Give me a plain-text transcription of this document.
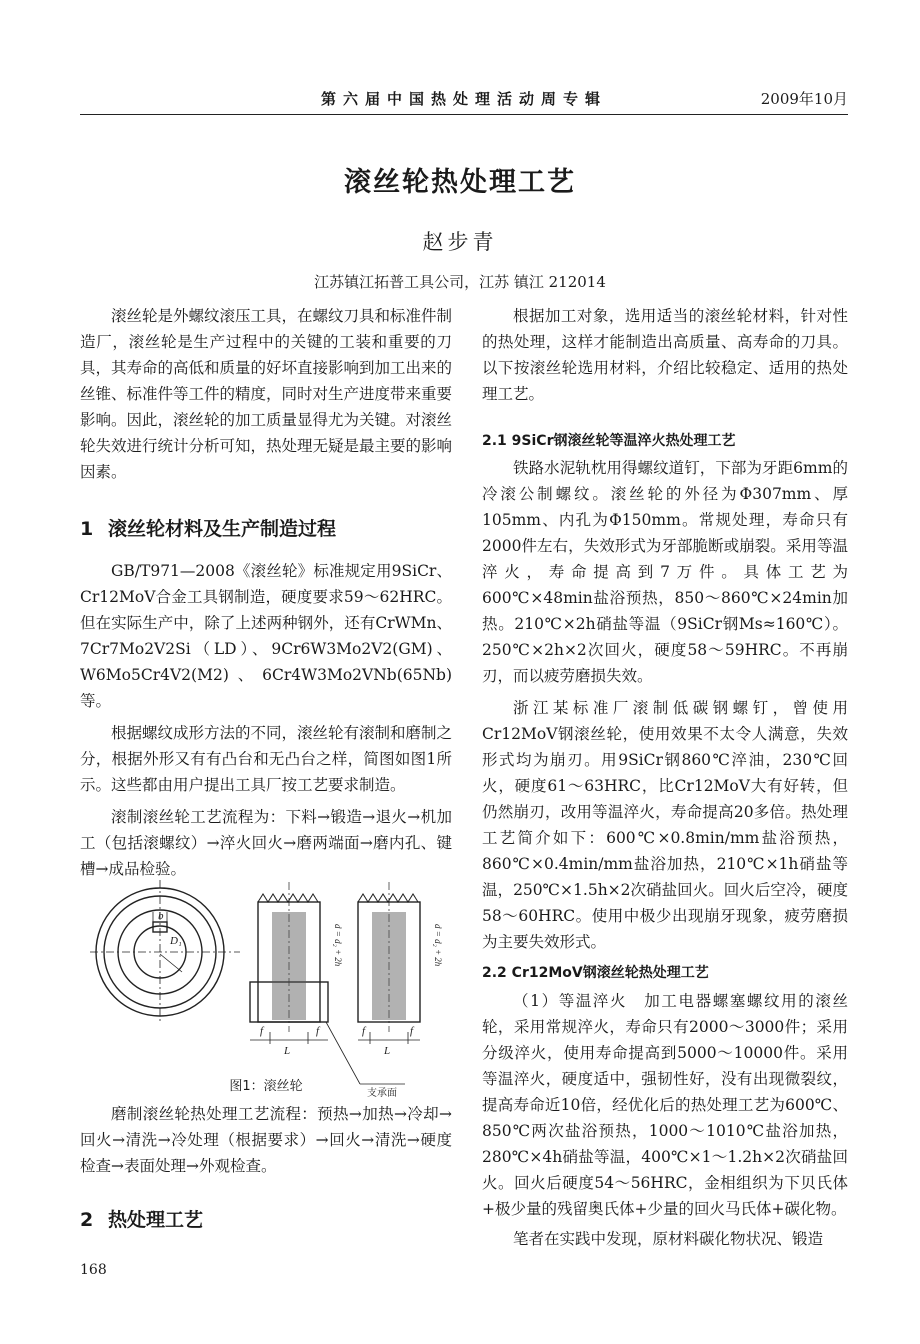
第六届中国热处理活动周专辑	2009年10月
滚丝轮热处理工艺
赵步青
江苏镇江拓普工具公司，江苏 镇江 212014

滚丝轮是外螺纹滚压工具，在螺纹刀具和标准件制造厂，滚丝轮是生产过程中的关键的工装和重要的刀具，其寿命的高低和质量的好坏直接影响到加工出来的丝锥、标准件等工件的精度，同时对生产进度带来重要影响。因此，滚丝轮的加工质量显得尤为关键。对滚丝轮失效进行统计分析可知，热处理无疑是最主要的影响因素。

1 滚丝轮材料及生产制造过程

GB/T971—2008《滚丝轮》标准规定用9SiCr、Cr12MoV合金工具钢制造，硬度要求59～62HRC。但在实际生产中，除了上述两种钢外，还有CrWMn、7Cr7Mo2V2Si（LD）、9Cr6W3Mo2V2(GM)、W6Mo5Cr4V2(M2)、6Cr4W3Mo2VNb(65Nb)等。

根据螺纹成形方法的不同，滚丝轮有滚制和磨制之分，根据外形又有有凸台和无凸台之样，简图如图1所示。这些都由用户提出工具厂按工艺要求制造。

滚制滚丝轮工艺流程为：下料→锻造→退火→机加工（包括滚螺纹）→淬火回火→磨两端面→磨内孔、键槽→成品检验。

b
D₁
L	L
f	f	f	f
支承面
d = d₂ + 2h	d = d₂ + 2h
图1：滚丝轮

磨制滚丝轮热处理工艺流程：预热→加热→冷却→回火→清洗→冷处理（根据要求）→回火→清洗→硬度检查→表面处理→外观检查。

2 热处理工艺

根据加工对象，选用适当的滚丝轮材料，针对性的热处理，这样才能制造出高质量、高寿命的刀具。以下按滚丝轮选用材料，介绍比较稳定、适用的热处理工艺。

2.1 9SiCr钢滚丝轮等温淬火热处理工艺

铁路水泥轨枕用得螺纹道钉，下部为牙距6mm的冷滚公制螺纹。滚丝轮的外径为Φ307mm、厚105mm、内孔为Φ150mm。常规处理，寿命只有2000件左右，失效形式为牙部脆断或崩裂。采用等温淬火，寿命提高到7万件。具体工艺为600℃×48min盐浴预热，850～860℃×24min加热。210℃×2h硝盐等温（9SiCr钢Ms≈160℃）。250℃×2h×2次回火，硬度58～59HRC。不再崩刃，而以疲劳磨损失效。

浙江某标准厂滚制低碳钢螺钉，曾使用Cr12MoV钢滚丝轮，使用效果不太令人满意，失效形式均为崩刃。用9SiCr钢860℃淬油，230℃回火，硬度61～63HRC，比Cr12MoV大有好转，但仍然崩刃，改用等温淬火，寿命提高20多倍。热处理工艺简介如下：600℃×0.8min/mm盐浴预热，860℃×0.4min/mm盐浴加热，210℃×1h硝盐等温，250℃×1.5h×2次硝盐回火。回火后空冷，硬度58～60HRC。使用中极少出现崩牙现象，疲劳磨损为主要失效形式。

2.2 Cr12MoV钢滚丝轮热处理工艺

（1）等温淬火　加工电器螺塞螺纹用的滚丝轮，采用常规淬火，寿命只有2000～3000件；采用分级淬火，使用寿命提高到5000～10000件。采用等温淬火，硬度适中，强韧性好，没有出现微裂纹，提高寿命近10倍，经优化后的热处理工艺为600℃、850℃两次盐浴预热，1000～1010℃盐浴加热，280℃×4h硝盐等温，400℃×1～1.2h×2次硝盐回火。回火后硬度54～56HRC，金相组织为下贝氏体+极少量的残留奥氏体+少量的回火马氏体+碳化物。

笔者在实践中发现，原材料碳化物状况、锻造

168
